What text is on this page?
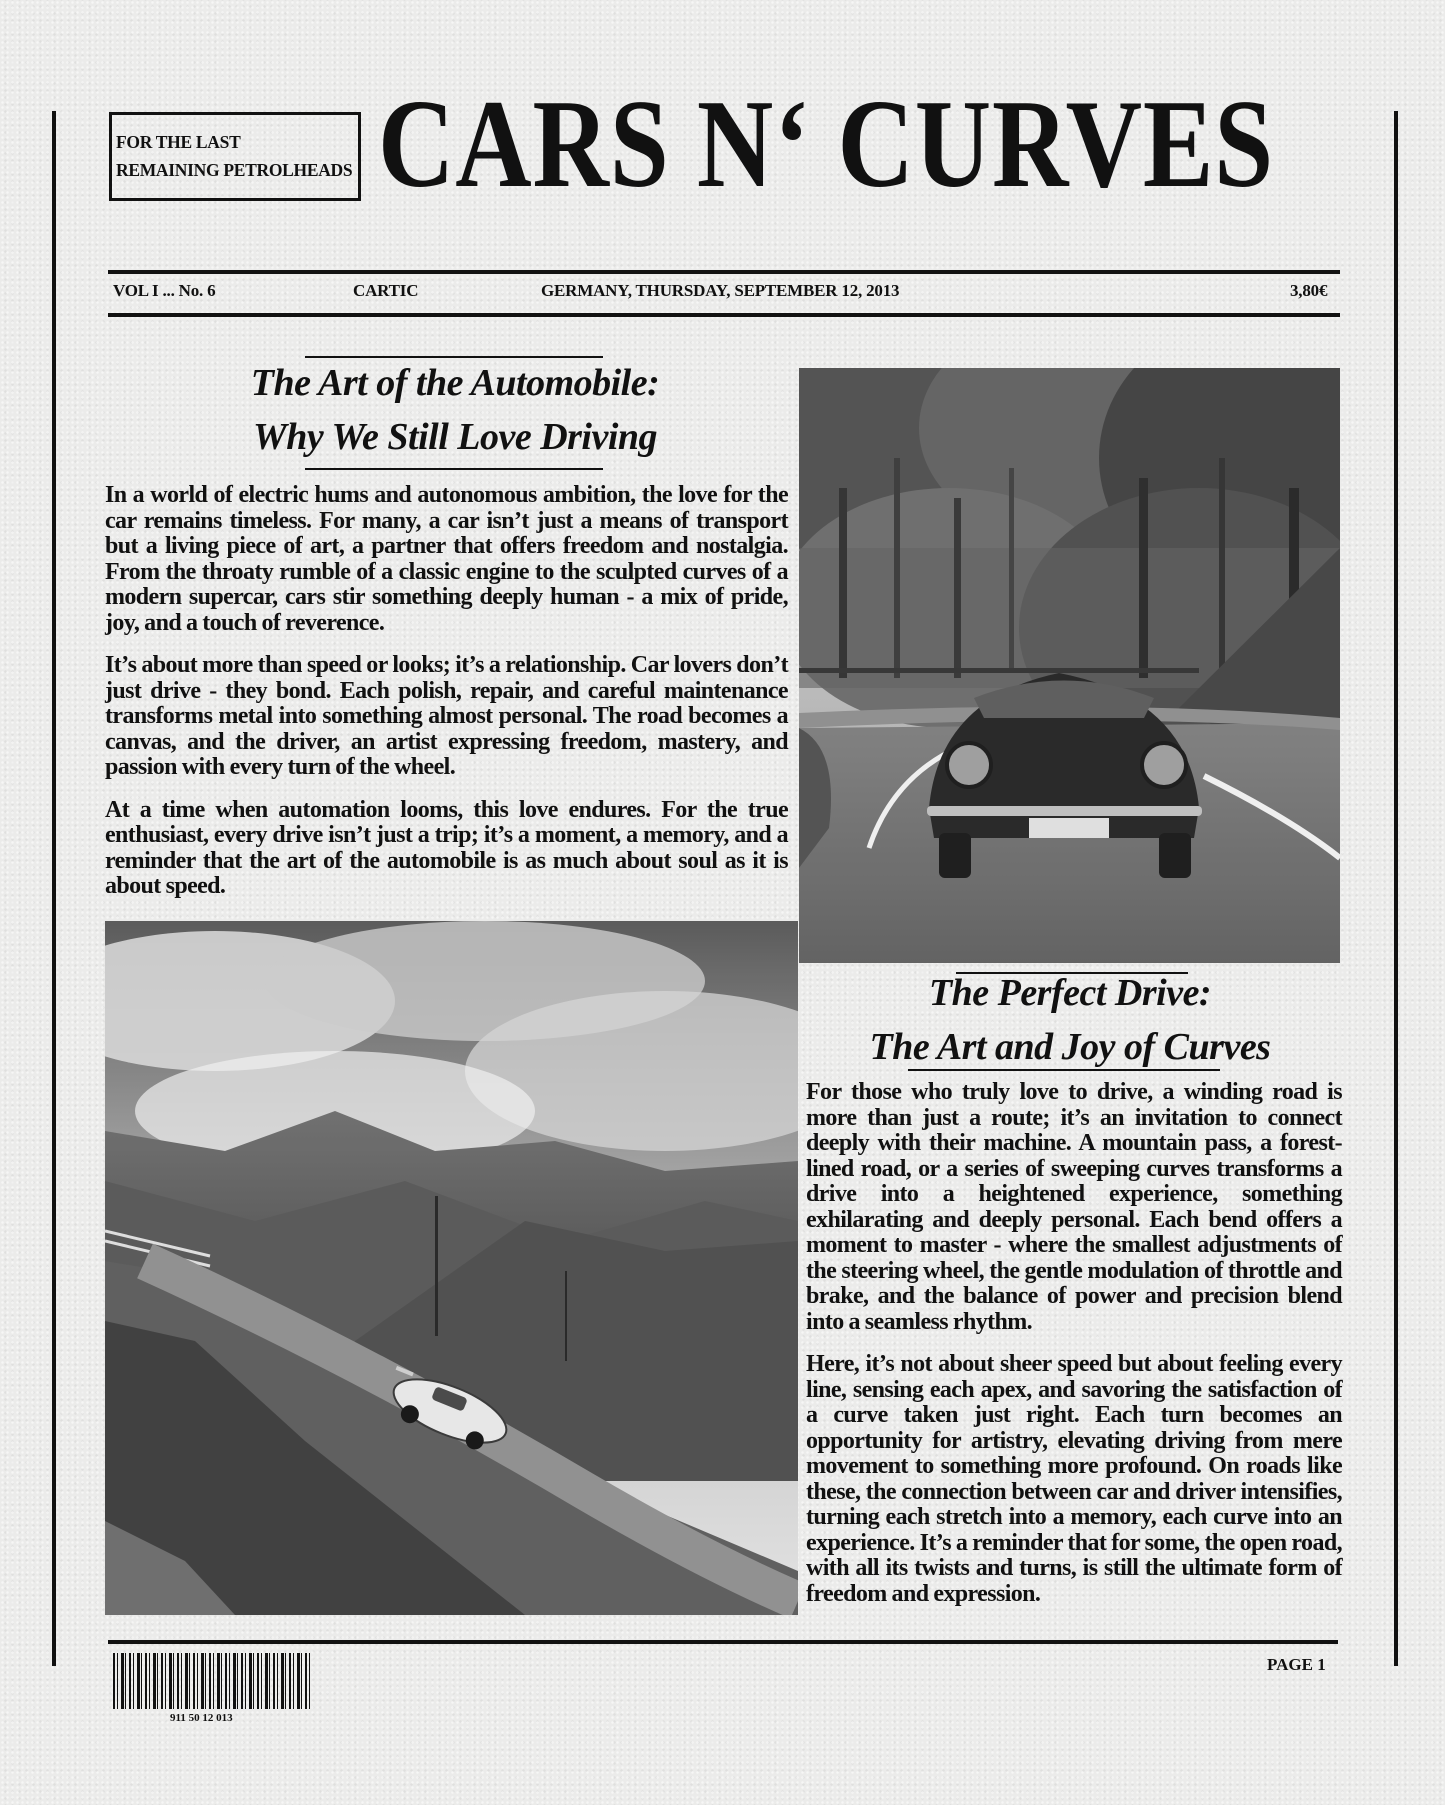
FOR THE LAST
REMAINING PETROLHEADS CARS N‘ CURVES
VOL I ... No. 6	CARTIC	GERMANY, THURSDAY, SEPTEMBER 12, 2013	3,80€
The Art of the Automobile:
Why We Still Love Driving

In a world of electric hums and autonomous ambition, the love for the car remains timeless. For many, a car isn’t just a means of transport but a living piece of art, a partner that offers freedom and nostalgia. From the throaty rumble of a classic engine to the sculpted curves of a modern supercar, cars stir something deeply human - a mix of pride, joy, and a touch of reverence.

It’s about more than speed or looks; it’s a relationship. Car lovers don’t just drive - they bond. Each polish, repair, and careful maintenance transforms metal into something almost personal. The road becomes a canvas, and the driver, an artist expressing freedom, mastery, and passion with every turn of the wheel.

At a time when automation looms, this love endures. For the true enthusiast, every drive isn’t just a trip; it’s a moment, a memory, and a reminder that the art of the automobile is as much about soul as it is about speed.

The Perfect Drive:
The Art and Joy of Curves

For those who truly love to drive, a winding road is more than just a route; it’s an invitation to connect deeply with their machine. A mountain pass, a forest-lined road, or a series of sweeping curves transforms a drive into a heightened experience, something exhilarating and deeply personal. Each bend offers a moment to master - where the smallest adjustments of the steering wheel, the gentle modulation of throttle and brake, and the balance of power and precision blend into a seamless rhythm.

Here, it’s not about sheer speed but about feeling every line, sensing each apex, and savoring the satisfaction of a curve taken just right. Each turn becomes an opportunity for artistry, elevating driving from mere movement to something more profound. On roads like these, the connection between car and driver intensifies, turning each stretch into a memory, each curve into an experience. It’s a reminder that for some, the open road, with all its twists and turns, is still the ultimate form of freedom and expression.

911 50 12 013
PAGE 1
